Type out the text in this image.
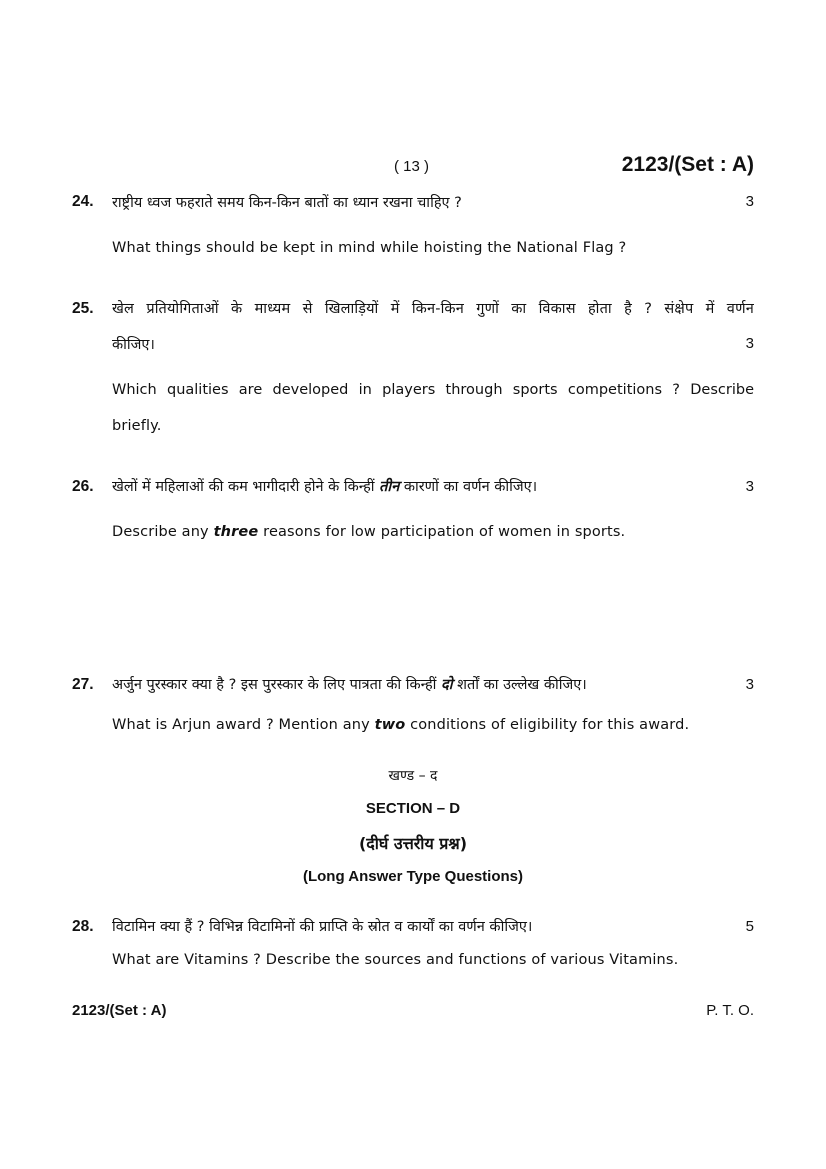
( 13 )	2123/(Set : A)
24. राष्ट्रीय ध्वज फहराते समय किन-किन बातों का ध्यान रखना चाहिए ?	3
What things should be kept in mind while hoisting the National Flag ?
25. खेल प्रतियोगिताओं के माध्यम से खिलाड़ियों में किन-किन गुणों का विकास होता है ? संक्षेप में वर्णन
कीजिए।	3
Which qualities are developed in players through sports competitions ? Describe
briefly.
26. खेलों में महिलाओं की कम भागीदारी होने के किन्हीं तीन कारणों का वर्णन कीजिए।	3
Describe any three reasons for low participation of women in sports.
27. अर्जुन पुरस्कार क्या है ? इस पुरस्कार के लिए पात्रता की किन्हीं दो शर्तों का उल्लेख कीजिए।	3
What is Arjun award ? Mention any two conditions of eligibility for this award.
खण्ड – द
SECTION – D
(दीर्घ उत्तरीय प्रश्न)
(Long Answer Type Questions)
28. विटामिन क्या हैं ? विभिन्न विटामिनों की प्राप्ति के स्रोत व कार्यों का वर्णन कीजिए।	5
What are Vitamins ? Describe the sources and functions of various Vitamins.
2123/(Set : A)	P. T. O.
